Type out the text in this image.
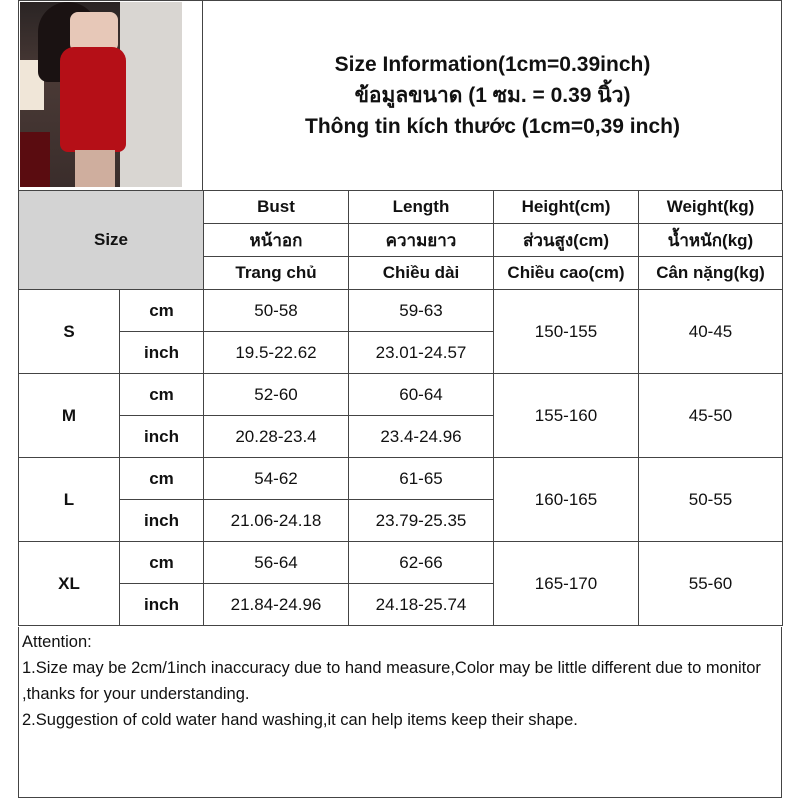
Size Information(1cm=0.39inch)
ข้อมูลขนาด (1 ซม. = 0.39 นิ้ว)
Thông tin kích thước (1cm=0,39 inch)
Size		Bust	Length	Height(cm)	Weight(kg)
		หน้าอก	ความยาว	ส่วนสูง(cm)	น้ำหนัก(kg)
		Trang chủ	Chiều dài	Chiều cao(cm)	Cân nặng(kg)
S	cm	50-58	59-63	150-155	40-45
	inch	19.5-22.62	23.01-24.57		
M	cm	52-60	60-64	155-160	45-50
	inch	20.28-23.4	23.4-24.96		
L	cm	54-62	61-65	160-165	50-55
	inch	21.06-24.18	23.79-25.35		
XL	cm	56-64	62-66	165-170	55-60
	inch	21.84-24.96	24.18-25.74		
Attention:
1.Size may be 2cm/1inch inaccuracy due to hand measure,Color may be little different due to monitor ,thanks for your understanding.
2.Suggestion of cold water hand washing,it can help items keep their shape.
